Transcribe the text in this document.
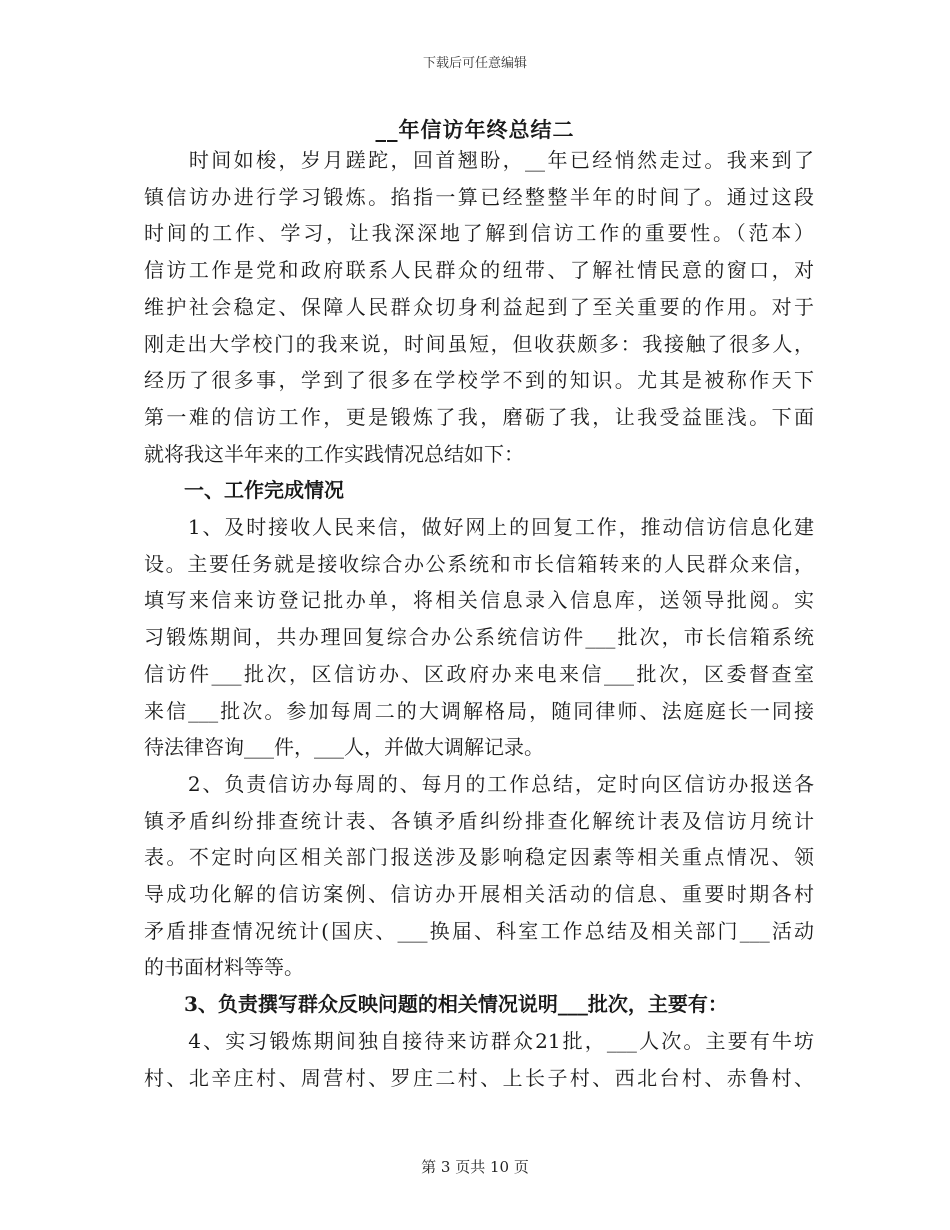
下载后可任意编辑
__年信访年终总结二
　　时间如梭，岁月蹉跎，回首翘盼，__年已经悄然走过。我来到了
镇信访办进行学习锻炼。掐指一算已经整整半年的时间了。通过这段
时间的工作、学习，让我深深地了解到信访工作的重要性。（范本）
信访工作是党和政府联系人民群众的纽带、了解社情民意的窗口，对
维护社会稳定、保障人民群众切身利益起到了至关重要的作用。对于
刚走出大学校门的我来说，时间虽短，但收获颇多：我接触了很多人，
经历了很多事，学到了很多在学校学不到的知识。尤其是被称作天下
第一难的信访工作，更是锻炼了我，磨砺了我，让我受益匪浅。下面
就将我这半年来的工作实践情况总结如下：
　　一、工作完成情况
　　1、及时接收人民来信，做好网上的回复工作，推动信访信息化建
设。主要任务就是接收综合办公系统和市长信箱转来的人民群众来信，
填写来信来访登记批办单，将相关信息录入信息库，送领导批阅。实
习锻炼期间，共办理回复综合办公系统信访件___批次，市长信箱系统
信访件___批次，区信访办、区政府办来电来信___批次，区委督查室
来信___批次。参加每周二的大调解格局，随同律师、法庭庭长一同接
待法律咨询___件，___人，并做大调解记录。
　　2、负责信访办每周的、每月的工作总结，定时向区信访办报送各
镇矛盾纠纷排查统计表、各镇矛盾纠纷排查化解统计表及信访月统计
表。不定时向区相关部门报送涉及影响稳定因素等相关重点情况、领
导成功化解的信访案例、信访办开展相关活动的信息、重要时期各村
矛盾排查情况统计(国庆、___换届、科室工作总结及相关部门___活动
的书面材料等等。
　　3、负责撰写群众反映问题的相关情况说明___批次，主要有：
　　4、实习锻炼期间独自接待来访群众21批，___人次。主要有牛坊
村、北辛庄村、周营村、罗庄二村、上长子村、西北台村、赤鲁村、
第 3 页共 10 页
